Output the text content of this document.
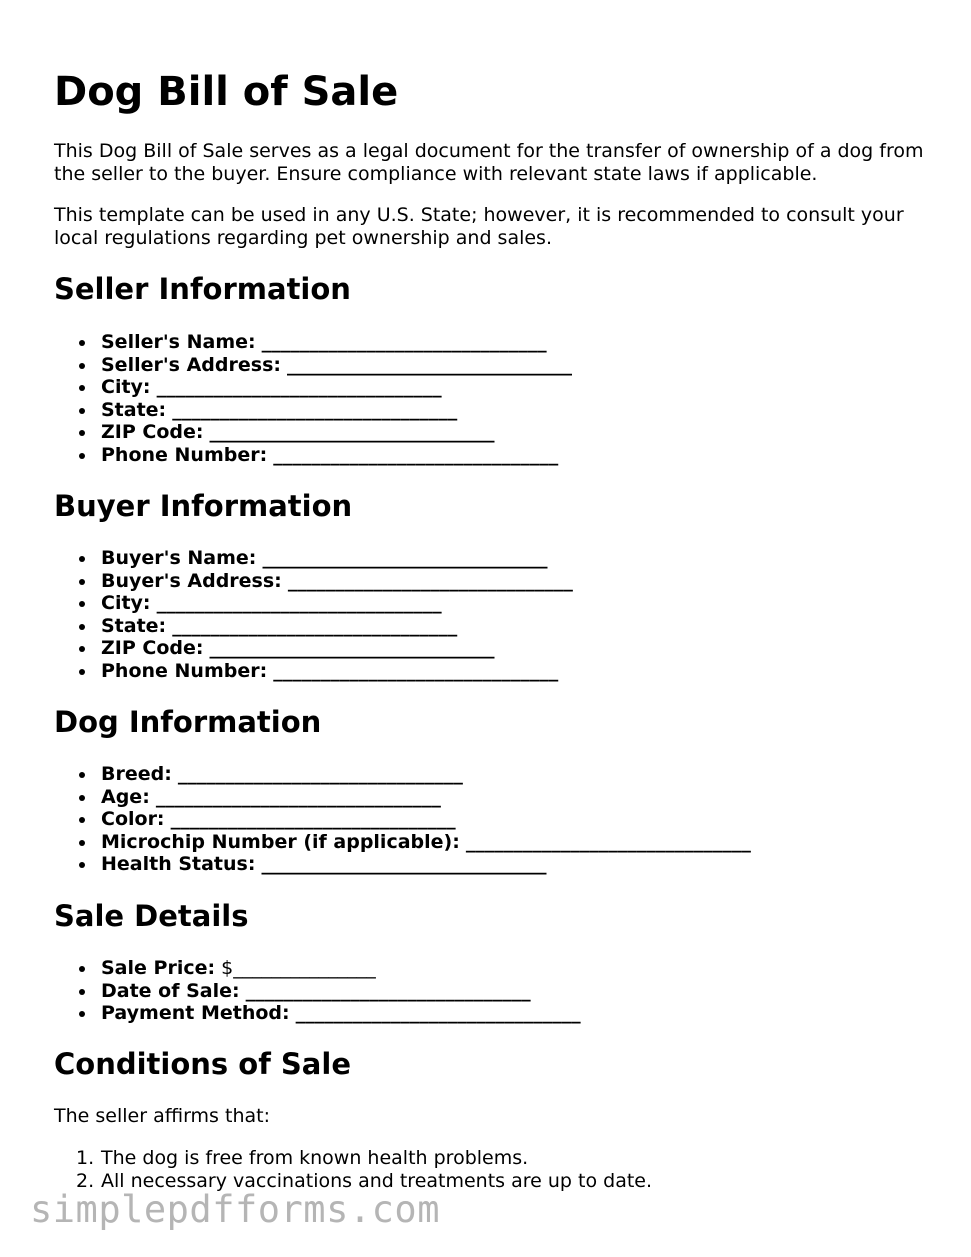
Dog Bill of Sale

This Dog Bill of Sale serves as a legal document for the transfer of ownership of a dog from the seller to the buyer. Ensure compliance with relevant state laws if applicable.

This template can be used in any U.S. State; however, it is recommended to consult your local regulations regarding pet ownership and sales.

Seller Information
Seller's Name: ______________________________
Seller's Address: ______________________________
City: ______________________________
State: ______________________________
ZIP Code: ______________________________
Phone Number: ______________________________
Buyer Information
Buyer's Name: ______________________________
Buyer's Address: ______________________________
City: ______________________________
State: ______________________________
ZIP Code: ______________________________
Phone Number: ______________________________
Dog Information
Breed: ______________________________
Age: ______________________________
Color: ______________________________
Microchip Number (if applicable): ______________________________
Health Status: ______________________________
Sale Details
Sale Price: $_______________
Date of Sale: ______________________________
Payment Method: ______________________________
Conditions of Sale

The seller affirms that:

1. The dog is free from known health problems.
2. All necessary vaccinations and treatments are up to date.
simplepdfforms.com
